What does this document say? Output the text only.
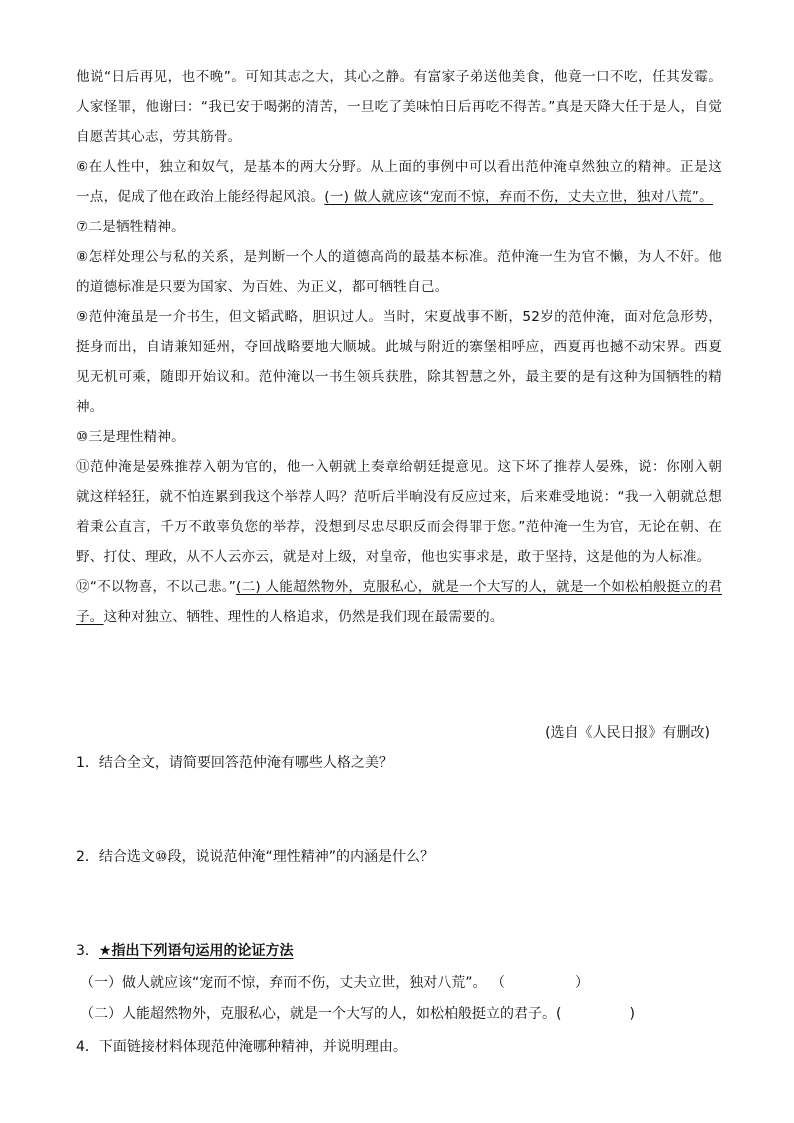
他说“日后再见，也不晚”。可知其志之大，其心之静。有富家子弟送他美食，他竟一口不吃，任其发霉。人家怪罪，他谢曰：“我已安于喝粥的清苦，一旦吃了美味怕日后再吃不得苦。”真是天降大任于是人，自觉自愿苦其心志，劳其筋骨。

⑥在人性中，独立和奴气，是基本的两大分野。从上面的事例中可以看出范仲淹卓然独立的精神。正是这一点，促成了他在政治上能经得起风浪。(一) 做人就应该“宠而不惊，弃而不伤，丈夫立世，独对八荒”。

⑦二是牺牲精神。

⑧怎样处理公与私的关系，是判断一个人的道德高尚的最基本标准。范仲淹一生为官不懒，为人不奸。他的道德标准是只要为国家、为百姓、为正义，都可牺牲自己。

⑨范仲淹虽是一介书生，但文韬武略，胆识过人。当时，宋夏战事不断，52岁的范仲淹，面对危急形势，挺身而出，自请兼知延州，夺回战略要地大顺城。此城与附近的寨堡相呼应，西夏再也撼不动宋界。西夏见无机可乘，随即开始议和。范仲淹以一书生领兵获胜，除其智慧之外，最主要的是有这种为国牺牲的精神。

⑩三是理性精神。

⑪范仲淹是晏殊推荐入朝为官的，他一入朝就上奏章给朝廷提意见。这下坏了推荐人晏殊，说：你刚入朝就这样轻狂，就不怕连累到我这个举荐人吗？范听后半晌没有反应过来，后来难受地说：“我一入朝就总想着秉公直言，千万不敢辜负您的举荐，没想到尽忠尽职反而会得罪于您。”范仲淹一生为官，无论在朝、在野、打仗、理政，从不人云亦云，就是对上级，对皇帝，他也实事求是，敢于坚持，这是他的为人标准。

⑫“不以物喜，不以己悲。”(二) 人能超然物外，克服私心，就是一个大写的人，就是一个如松柏般挺立的君子。这种对独立、牺牲、理性的人格追求，仍然是我们现在最需要的。

(选自《人民日报》有删改)
1．结合全文，请简要回答范仲淹有哪些人格之美？
2．结合选文⑩段，说说范仲淹“理性精神”的内涵是什么？
3．★指出下列语句运用的论证方法
（一）做人就应该“宠而不惊，弃而不伤，丈夫立世，独对八荒”。 （	）
（二）人能超然物外，克服私心，就是一个大写的人，如松柏般挺立的君子。(	)
4．下面链接材料体现范仲淹哪种精神，并说明理由。
